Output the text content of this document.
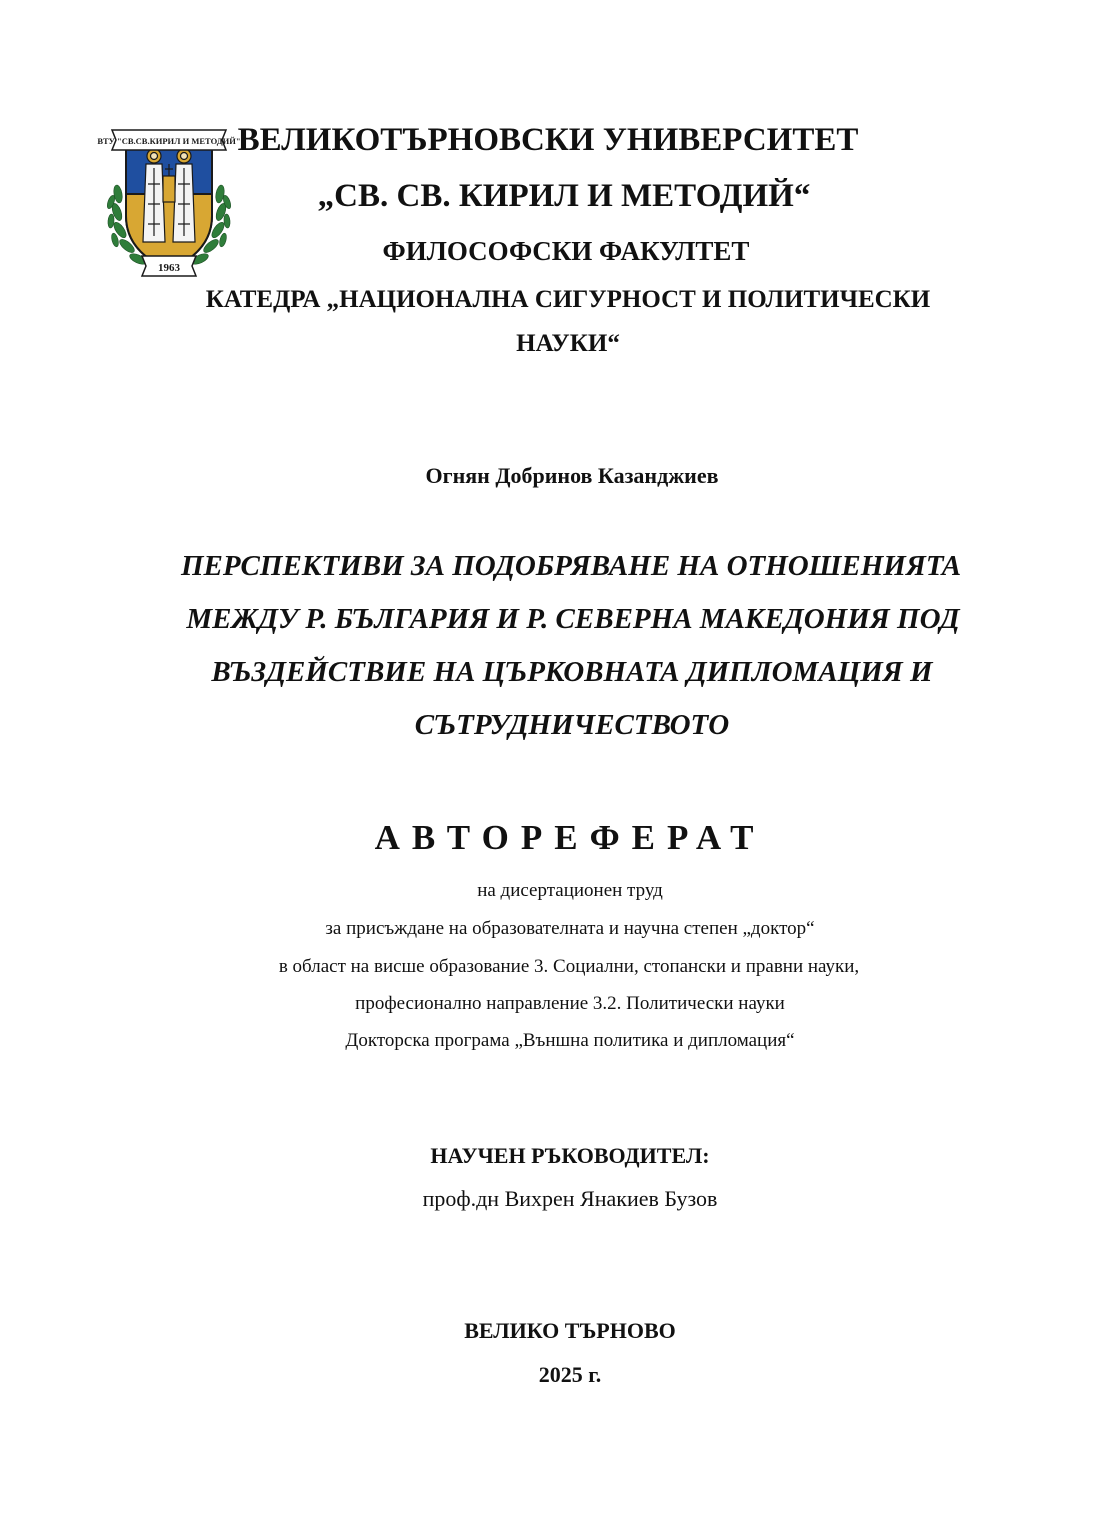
ВТУ "СВ.СВ.КИРИЛ И МЕТОДИЙ"
1963
ВЕЛИКОТЪРНОВСКИ УНИВЕРСИТЕТ
„СВ. СВ. КИРИЛ И МЕТОДИЙ“
ФИЛОСОФСКИ ФАКУЛТЕТ
КАТЕДРА „НАЦИОНАЛНА СИГУРНОСТ И ПОЛИТИЧЕСКИ
НАУКИ“
Огнян Добринов Казанджиев
ПЕРСПЕКТИВИ ЗА ПОДОБРЯВАНЕ НА ОТНОШЕНИЯТА
МЕЖДУ Р. БЪЛГАРИЯ И Р. СЕВЕРНА МАКЕДОНИЯ ПОД
ВЪЗДЕЙСТВИЕ НА ЦЪРКОВНАТА ДИПЛОМАЦИЯ И
СЪТРУДНИЧЕСТВОТО
АВТОРЕФЕРАТ
на дисертационен труд
за присъждане на образователната и научна степен „доктор“
в област на висше образование 3. Социални, стопански и правни науки,
професионално направление 3.2. Политически науки
Докторска програма „Външна политика и дипломация“
НАУЧЕН РЪКОВОДИТЕЛ:
проф.дн Вихрен Янакиев Бузов
ВЕЛИКО ТЪРНОВО
2025 г.
